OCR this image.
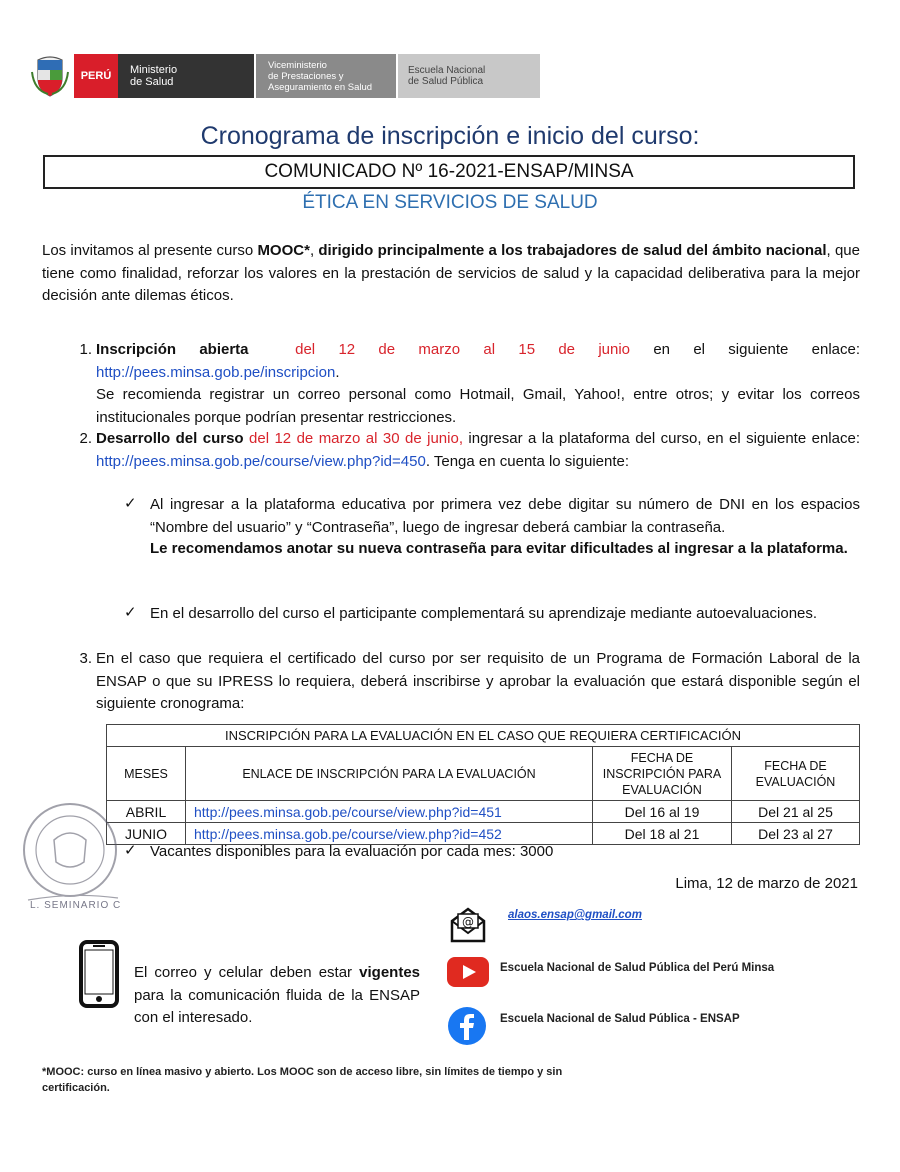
PERÚ Ministerio
de Salud
Viceministerio
de Prestaciones y
Aseguramiento en Salud
Escuela Nacional
de Salud Pública
Cronograma de inscripción e inicio del curso:
COMUNICADO Nº 16-2021-ENSAP/MINSA
ÉTICA EN SERVICIOS DE SALUD
Los invitamos al presente curso MOOC*, dirigido principalmente a los trabajadores de salud del ámbito nacional, que tiene como finalidad, reforzar los valores en la prestación de servicios de salud y la capacidad deliberativa para la mejor decisión ante dilemas éticos.
1. Inscripción abierta	del 12 de marzo al 15 de junio en el siguiente enlace:
http://pees.minsa.gob.pe/inscripcion.
Se recomienda registrar un correo personal como Hotmail, Gmail, Yahoo!, entre otros; y evitar los correos institucionales porque podrían presentar restricciones.
2. Desarrollo del curso del 12 de marzo al 30 de junio, ingresar a la plataforma del curso, en el siguiente enlace: http://pees.minsa.gob.pe/course/view.php?id=450. Tenga en cuenta lo siguiente:
✓ Al ingresar a la plataforma educativa por primera vez debe digitar su número de DNI en los espacios “Nombre del usuario” y “Contraseña”, luego de ingresar deberá cambiar la contraseña.
Le recomendamos anotar su nueva contraseña para evitar dificultades al ingresar a la plataforma.
✓ En el desarrollo del curso el participante complementará su aprendizaje mediante autoevaluaciones.
3. En el caso que requiera el certificado del curso por ser requisito de un Programa de Formación Laboral de la ENSAP o que su IPRESS lo requiera, deberá inscribirse y aprobar la evaluación que estará disponible según el siguiente cronograma:
INSCRIPCIÓN PARA LA EVALUACIÓN EN EL CASO QUE REQUIERA CERTIFICACIÓN			
MESES	ENLACE DE INSCRIPCIÓN PARA LA EVALUACIÓN	FECHA DE INSCRIPCIÓN PARA EVALUACIÓN	FECHA DE EVALUACIÓN
ABRIL	http://pees.minsa.gob.pe/course/view.php?id=451	Del 16 al 19	Del 21 al 25
JUNIO	http://pees.minsa.gob.pe/course/view.php?id=452	Del 18 al 21	Del 23 al 27
✓ Vacantes disponibles para la evaluación por cada mes: 3000
Lima, 12 de marzo de 2021
L. SEMINARIO C
El correo y celular deben estar vigentes para la comunicación fluida de la ENSAP con el interesado.
@	alaos.ensap@gmail.com
Escuela Nacional de Salud Pública del Perú Minsa
Escuela Nacional de Salud Pública - ENSAP
*MOOC: curso en línea masivo y abierto. Los MOOC son de acceso libre, sin límites de tiempo y sin certificación.
